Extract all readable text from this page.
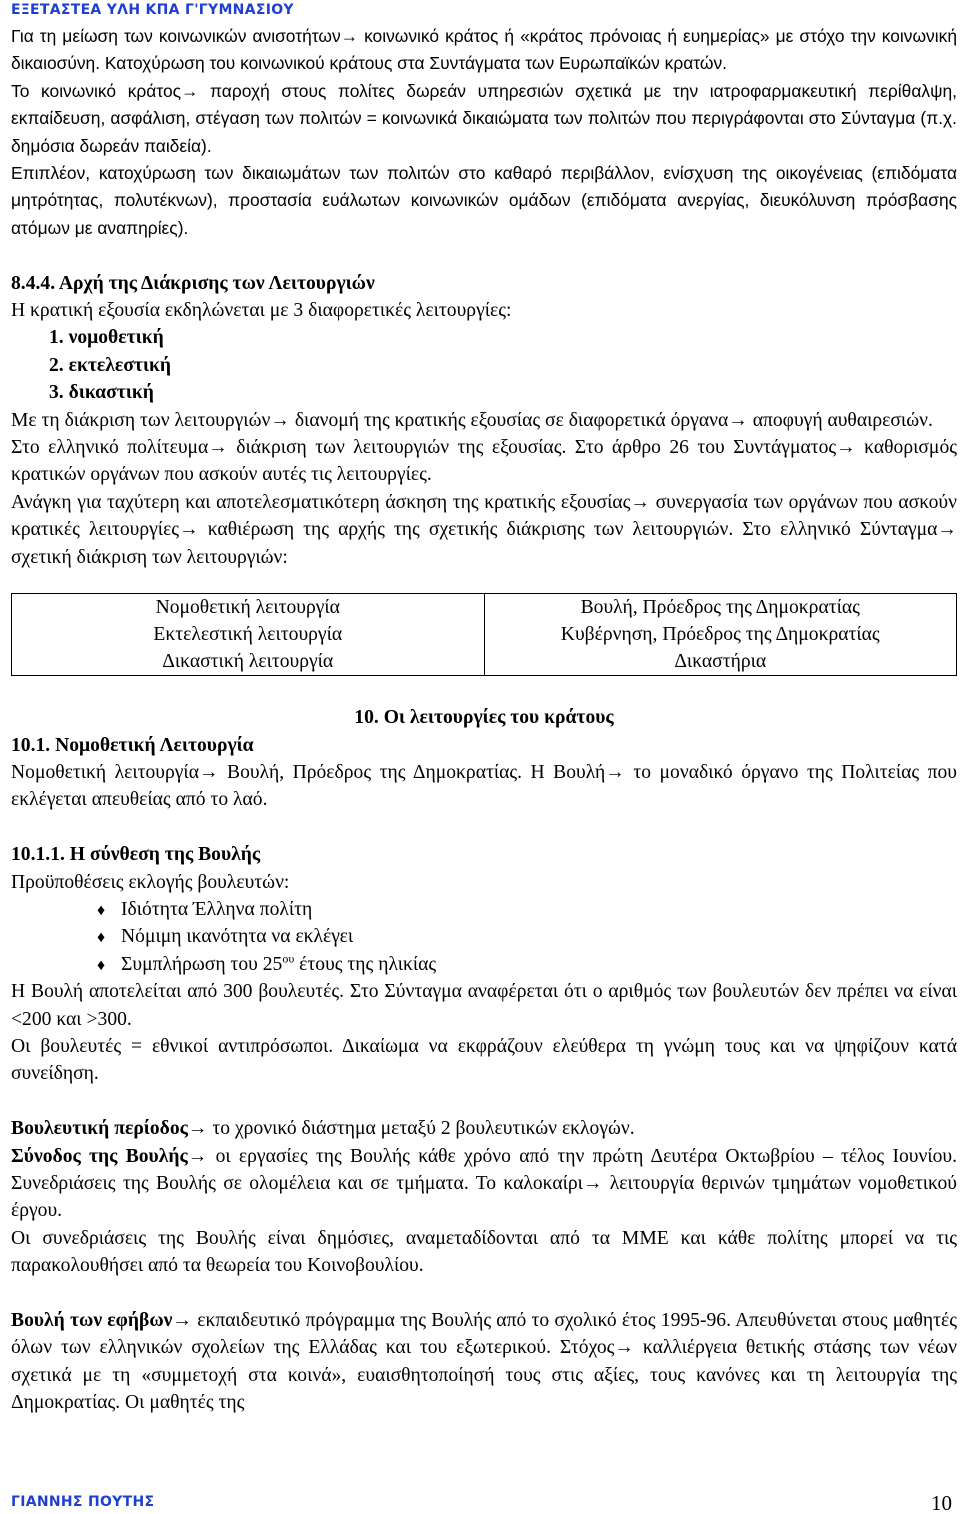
ΕΞΕΤΑΣΤΕΑ ΥΛΗ ΚΠΑ Γ'ΓΥΜΝΑΣΙΟΥ

Για τη μείωση των κοινωνικών ανισοτήτων→ κοινωνικό κράτος ή «κράτος πρόνοιας ή ευημερίας» με στόχο την κοινωνική δικαιοσύνη. Κατοχύρωση του κοινωνικού κράτους στα Συντάγματα των Ευρωπαϊκών κρατών.

Το κοινωνικό κράτος→ παροχή στους πολίτες δωρεάν υπηρεσιών σχετικά με την ιατροφαρμακευτική περίθαλψη, εκπαίδευση, ασφάλιση, στέγαση των πολιτών = κοινωνικά δικαιώματα των πολιτών που περιγράφονται στο Σύνταγμα (π.χ. δημόσια δωρεάν παιδεία).

Επιπλέον, κατοχύρωση των δικαιωμάτων των πολιτών στο καθαρό περιβάλλον, ενίσχυση της οικογένειας (επιδόματα μητρότητας, πολυτέκνων), προστασία ευάλωτων κοινωνικών ομάδων (επιδόματα ανεργίας, διευκόλυνση πρόσβασης ατόμων με αναπηρίες).

8.4.4. Αρχή της Διάκρισης των Λειτουργιών

Η κρατική εξουσία εκδηλώνεται με 3 διαφορετικές λειτουργίες:

1. νομοθετική
2. εκτελεστική
3. δικαστική

Με τη διάκριση των λειτουργιών→ διανομή της κρατικής εξουσίας σε διαφορετικά όργανα→ αποφυγή αυθαιρεσιών.

Στο ελληνικό πολίτευμα→ διάκριση των λειτουργιών της εξουσίας. Στο άρθρο 26 του Συντάγματος→ καθορισμός κρατικών οργάνων που ασκούν αυτές τις λειτουργίες.

Ανάγκη για ταχύτερη και αποτελεσματικότερη άσκηση της κρατικής εξουσίας→ συνεργασία των οργάνων που ασκούν κρατικές λειτουργίες→ καθιέρωση της αρχής της σχετικής διάκρισης των λειτουργιών. Στο ελληνικό Σύνταγμα→ σχετική διάκριση των λειτουργιών:

Νομοθετική λειτουργία	Βουλή, Πρόεδρος της Δημοκρατίας
Εκτελεστική λειτουργία	Κυβέρνηση, Πρόεδρος της Δημοκρατίας
Δικαστική λειτουργία	Δικαστήρια

10. Οι λειτουργίες του κράτους

10.1. Νομοθετική Λειτουργία

Νομοθετική λειτουργία→ Βουλή, Πρόεδρος της Δημοκρατίας. Η Βουλή→ το μοναδικό όργανο της Πολιτείας που εκλέγεται απευθείας από το λαό.

10.1.1. Η σύνθεση της Βουλής

Προϋποθέσεις εκλογής βουλευτών:

♦ Ιδιότητα Έλληνα πολίτη
♦ Νόμιμη ικανότητα να εκλέγει
♦ Συμπλήρωση του $25^{o\upsilon}$ έτους της ηλικίας

Η Βουλή αποτελείται από 300 βουλευτές. Στο Σύνταγμα αναφέρεται ότι ο αριθμός των βουλευτών δεν πρέπει να είναι <200 και >300.

Οι βουλευτές = εθνικοί αντιπρόσωποι. Δικαίωμα να εκφράζουν ελεύθερα τη γνώμη τους και να ψηφίζουν κατά συνείδηση.

Βουλευτική περίοδος→ το χρονικό διάστημα μεταξύ 2 βουλευτικών εκλογών.

Σύνοδος της Βουλής→ οι εργασίες της Βουλής κάθε χρόνο από την πρώτη Δευτέρα Οκτωβρίου – τέλος Ιουνίου. Συνεδριάσεις της Βουλής σε ολομέλεια και σε τμήματα. Το καλοκαίρι→ λειτουργία θερινών τμημάτων νομοθετικού έργου.

Οι συνεδριάσεις της Βουλής είναι δημόσιες, αναμεταδίδονται από τα ΜΜΕ και κάθε πολίτης μπορεί να τις παρακολουθήσει από τα θεωρεία του Κοινοβουλίου.

Βουλή των εφήβων→ εκπαιδευτικό πρόγραμμα της Βουλής από το σχολικό έτος 1995-96. Απευθύνεται στους μαθητές όλων των ελληνικών σχολείων της Ελλάδας και του εξωτερικού. Στόχος→ καλλιέργεια θετικής στάσης των νέων σχετικά με τη «συμμετοχή στα κοινά», ευαισθητοποίησή τους στις αξίες, τους κανόνες και τη λειτουργία της Δημοκρατίας. Οι μαθητές της

ΓΙΑΝΝΗΣ ΠΟΥΤΗΣ	10
